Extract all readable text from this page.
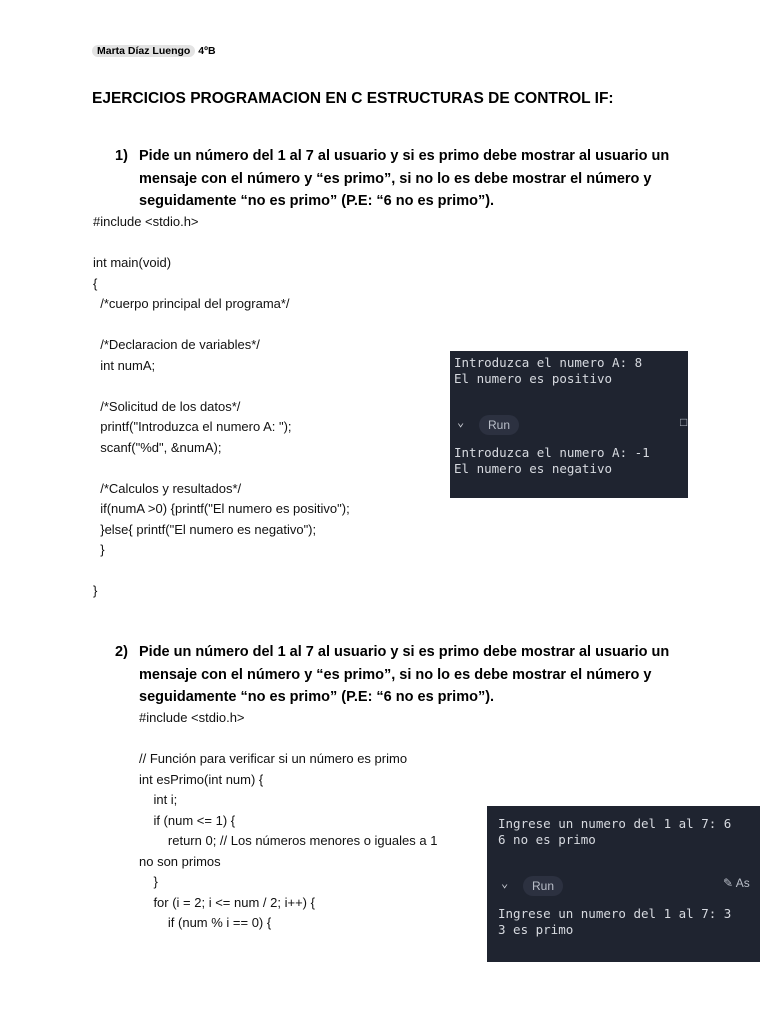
Marta Díaz Luengo 4ºB
EJERCICIOS PROGRAMACION EN C ESTRUCTURAS DE CONTROL IF:
1) Pide un número del 1 al 7 al usuario y si es primo debe mostrar al usuario un
mensaje con el número y “es primo”, si no lo es debe mostrar el número y
seguidamente “no es primo” (P.E: “6 no es primo”).
#include <stdio.h>

int main(void)
{
/*cuerpo principal del programa*/

/*Declaracion de variables*/
int numA;

/*Solicitud de los datos*/
printf("Introduzca el numero A: ");
scanf("%d", &numA);

/*Calculos y resultados*/
if(numA >0) {printf("El numero es positivo");
}else{ printf("El numero es negativo");
}

}
Introduzca el numero A: 8
El numero es positivo
⌄	Run	□
Introduzca el numero A: -1
El numero es negativo
2) Pide un número del 1 al 7 al usuario y si es primo debe mostrar al usuario un
mensaje con el número y “es primo”, si no lo es debe mostrar el número y
seguidamente “no es primo” (P.E: “6 no es primo”).
#include <stdio.h>

// Función para verificar si un número es primo
int esPrimo(int num) {
int i;
if (num <= 1) {
return 0; // Los números menores o iguales a 1
no son primos
}
for (i = 2; i <= num / 2; i++) {
if (num % i == 0) {
Ingrese un numero del 1 al 7: 6
6 no es primo
⌄	Run	✎ As
Ingrese un numero del 1 al 7: 3
3 es primo
